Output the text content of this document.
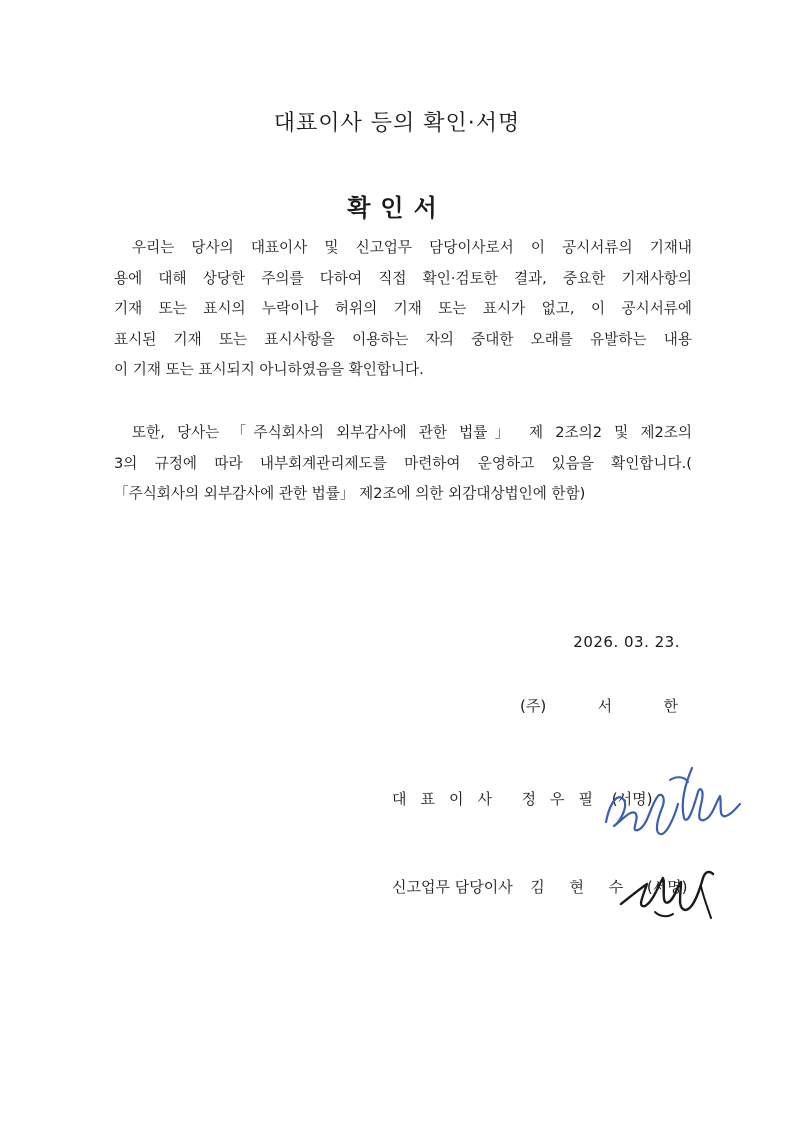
대표이사 등의 확인·서명
확인서
우리는 당사의 대표이사 및 신고업무 담당이사로서 이 공시서류의 기재내
용에 대해 상당한 주의를 다하여 직접 확인·검토한 결과, 중요한 기재사항의
기재 또는 표시의 누락이나 허위의 기재 또는 표시가 없고, 이 공시서류에
표시된 기재 또는 표시사항을 이용하는 자의 중대한 오래를 유발하는 내용
이 기재 또는 표시되지 아니하였음을 확인합니다.
또한, 당사는 「주식회사의 외부감사에 관한 법률」 제 2조의2 및 제2조의
3의 규정에 따라 내부회계관리제도를 마련하여 운영하고 있음을 확인합니다.(
「주식회사의 외부감사에 관한 법률」 제2조에 의한 외감대상법인에 한함)
2026. 03. 23.
(주)	서	한
대표이사 정우필 (서명)
신고업무 담당이사 김 현 수 (서명)
